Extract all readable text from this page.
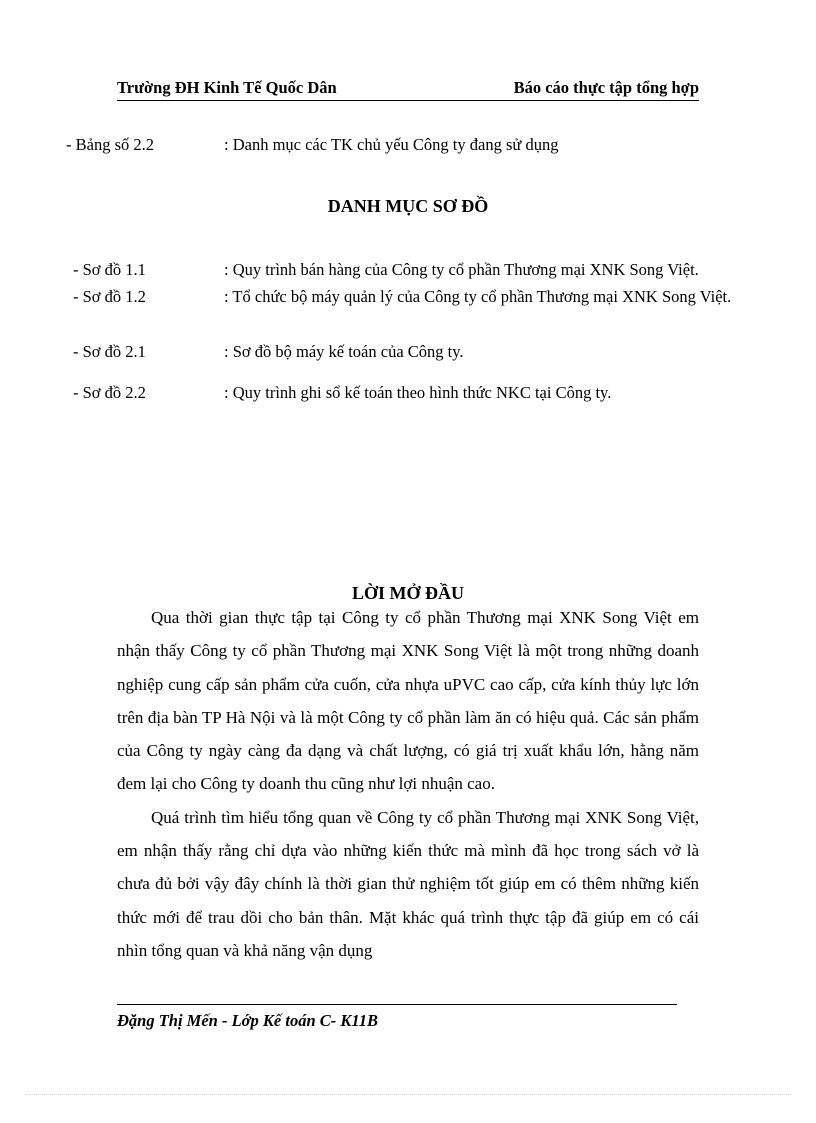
Trường ĐH Kinh Tế Quốc Dân	Báo cáo thực tập tổng hợp
- Bảng số 2.2	: Danh mục các TK chủ yếu Công ty đang sử dụng
DANH MỤC SƠ ĐỒ
- Sơ đồ 1.1	: Quy trình bán hàng của Công ty cổ phần Thương mại XNK Song Việt.
- Sơ đồ 1.2	: Tổ chức bộ máy quản lý của Công ty cổ phần Thương mại XNK Song Việt.
- Sơ đồ 2.1	: Sơ đồ bộ máy kế toán của Công ty.
- Sơ đồ 2.2	: Quy trình ghi sổ kế toán theo hình thức NKC tại Công ty.
LỜI MỞ ĐẦU

Qua thời gian thực tập tại Công ty cổ phần Thương mại XNK Song Việt em nhận thấy Công ty cổ phần Thương mại XNK Song Việt là một trong những doanh nghiệp cung cấp sản phẩm cửa cuốn, cửa nhựa uPVC cao cấp, cửa kính thủy lực lớn trên địa bàn TP Hà Nội và là một Công ty cổ phần làm ăn có hiệu quả. Các sản phẩm của Công ty ngày càng đa dạng và chất lượng, có giá trị xuất khẩu lớn, hằng năm đem lại cho Công ty doanh thu cũng như lợi nhuận cao.

Quá trình tìm hiểu tổng quan về Công ty cổ phần Thương mại XNK Song Việt, em nhận thấy rằng chỉ dựa vào những kiến thức mà mình đã học trong sách vở là chưa đủ bởi vậy đây chính là thời gian thử nghiệm tốt giúp em có thêm những kiến thức mới để trau dồi cho bản thân. Mặt khác quá trình thực tập đã giúp em có cái nhìn tổng quan và khả năng vận dụng

Đặng Thị Mến - Lớp Kế toán C- K11B
